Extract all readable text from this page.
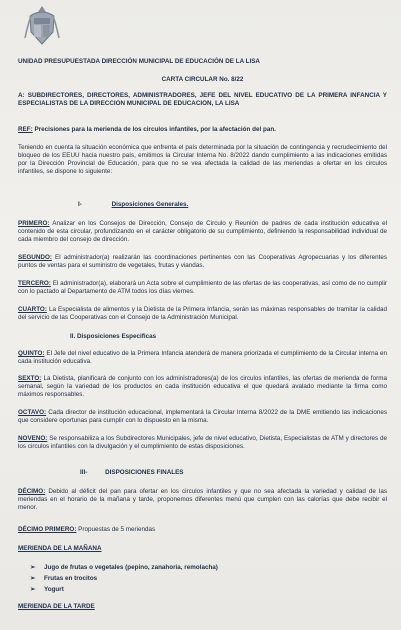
UNIDAD PRESUPUESTADA DIRECCIÓN MUNICIPAL DE EDUCACIÓN DE LA LISA

CARTA CIRCULAR No. 8/22

A: SUBDIRECTORES, DIRECTORES, ADMINISTRADORES, JEFE DEL NIVEL EDUCATIVO DE LA PRIMERA INFANCIA Y ESPECIALISTAS DE LA DIRECCION MUNICIPAL DE EDUCACION, LA LISA

REF: Precisiones para la merienda de los circulos infantiles, por la afectación del pan.

Teniendo en cuenta la situación económica que enfrenta el país determinada por la situación de contingencia y recrudecimiento del bloqueo de los EEUU hacia nuestro país, emitimos la Circular Interna No. 8/2022 dando cumplimiento a las indicaciones emitidas por la Dirección Provincial de Educación, para que no se vea afectada la calidad de las meriendas a ofertar en los circulos infantiles, se dispone lo siguiente:

I-	Disposiciones Generales.

PRIMERO: Analizar en los Consejos de Dirección, Consejo de Circulo y Reunión de padres de cada institución educativa el contenido de esta circular, profundizando en el carácter obligatorio de su cumplimiento, definiendo la responsabilidad individual de cada miembro del consejo de dirección.

SEGUNDO: El administrador(a) realizarán las coordinaciones pertinentes con las Cooperativas Agropecuarias y los diferentes puntos de ventas para el suministro de vegetales, frutas y viandas.

TERCERO: El administrador(a), elaborará un Acta sobre el cumplimiento de las ofertas de las cooperativas, así como de no cumplir con lo pactado al Departamento de ATM todos los días viernes.

CUARTO: La Especialista de alimentos y la Dietista de la Primera Infancia, serán las máximas responsables de tramitar la calidad del servicio de las Cooperativas con el Consejo de la Administración Municipal.

II. Disposiciones Especificas

QUINTO: El Jefe del nivel educativo de la Primera Infancia atenderá de manera priorizada el cumplimiento de la Circular interna en cada institución educativa.

SEXTO: La Dietista, planificará de conjunto con los administradores(a) de los circulos infantiles, las ofertas de merienda de forma semanal, según la variedad de los productos en cada institución educativa el que quedará avalado mediante la firma como máximos responsables.

OCTAVO: Cada director de institución educacional, implementará la Circular Interna 8/2022 de la DME emitiendo las indicaciones que considere oportunas para cumplir con lo dispuesto en la misma.

NOVENO: Se responsabiliza a los Subdirectores Municipales, jefe de nivel educativo, Dietista, Especialistas de ATM y directores de los circulos infantiles con la divulgación y el cumplimiento de estas disposiciones.

III-	DISPOSICIONES FINALES

DÉCIMO: Debido al déficit del pan para ofertar en los circulos infantiles y que no sea afectada la variedad y calidad de las meriendas en el horario de la mañana y tarde, proponemos diferentes menú que cumplen con las calorías que debe recibir el menor.

DÉCIMO PRIMERO: Propuestas de 5 meriendas

MERIENDA DE LA MAÑANA

➢ Jugo de frutas o vegetales (pepino, zanahoria, remolacha)
➢ Frutas en trocitos
➢ Yogurt

MERIENDA DE LA TARDE
